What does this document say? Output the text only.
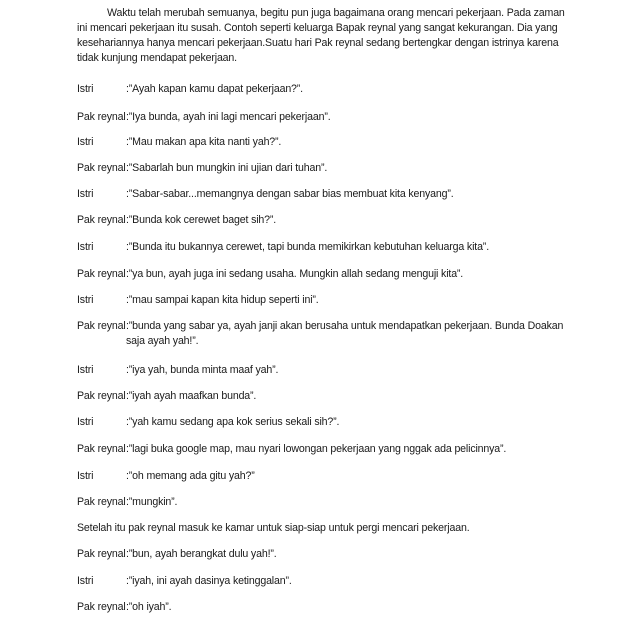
Waktu telah merubah semuanya, begitu pun juga bagaimana orang mencari pekerjaan. Pada zaman ini mencari pekerjaan itu susah. Contoh seperti keluarga Bapak reynal yang sangat kekurangan. Dia yang kesehariannya hanya mencari pekerjaan.Suatu hari Pak reynal sedang bertengkar dengan istrinya karena tidak kunjung mendapat pekerjaan.

Istri	:”Ayah kapan kamu dapat pekerjaan?”.
Pak reynal :”Iya bunda, ayah ini lagi mencari pekerjaan”.
Istri	:”Mau makan apa kita nanti yah?”.
Pak reynal :”Sabarlah bun mungkin ini ujian dari tuhan”.
Istri	:”Sabar-sabar...memangnya dengan sabar bias membuat kita kenyang”.
Pak reynal :”Bunda kok cerewet baget sih?”.
Istri	:”Bunda itu bukannya cerewet, tapi bunda memikirkan kebutuhan keluarga kita”.
Pak reynal :”ya bun, ayah juga ini sedang usaha. Mungkin allah sedang menguji kita”.
Istri	:”mau sampai kapan kita hidup seperti ini”.
Pak reynal :”bunda yang sabar ya, ayah janji akan berusaha untuk mendapatkan pekerjaan. Bunda Doakan saja ayah yah!”.
Istri	:”iya yah, bunda minta maaf yah”.
Pak reynal :”iyah ayah maafkan bunda”.
Istri	:”yah kamu sedang apa kok serius sekali sih?”.
Pak reynal :”lagi buka google map, mau nyari lowongan pekerjaan yang nggak ada pelicinnya”.
Istri	:”oh memang ada gitu yah?”
Pak reynal :”mungkin”.
Setelah itu pak reynal masuk ke kamar untuk siap-siap untuk pergi mencari pekerjaan.
Pak reynal :”bun, ayah berangkat dulu yah!”.
Istri	:”iyah, ini ayah dasinya ketinggalan”.
Pak reynal :”oh iyah”.
